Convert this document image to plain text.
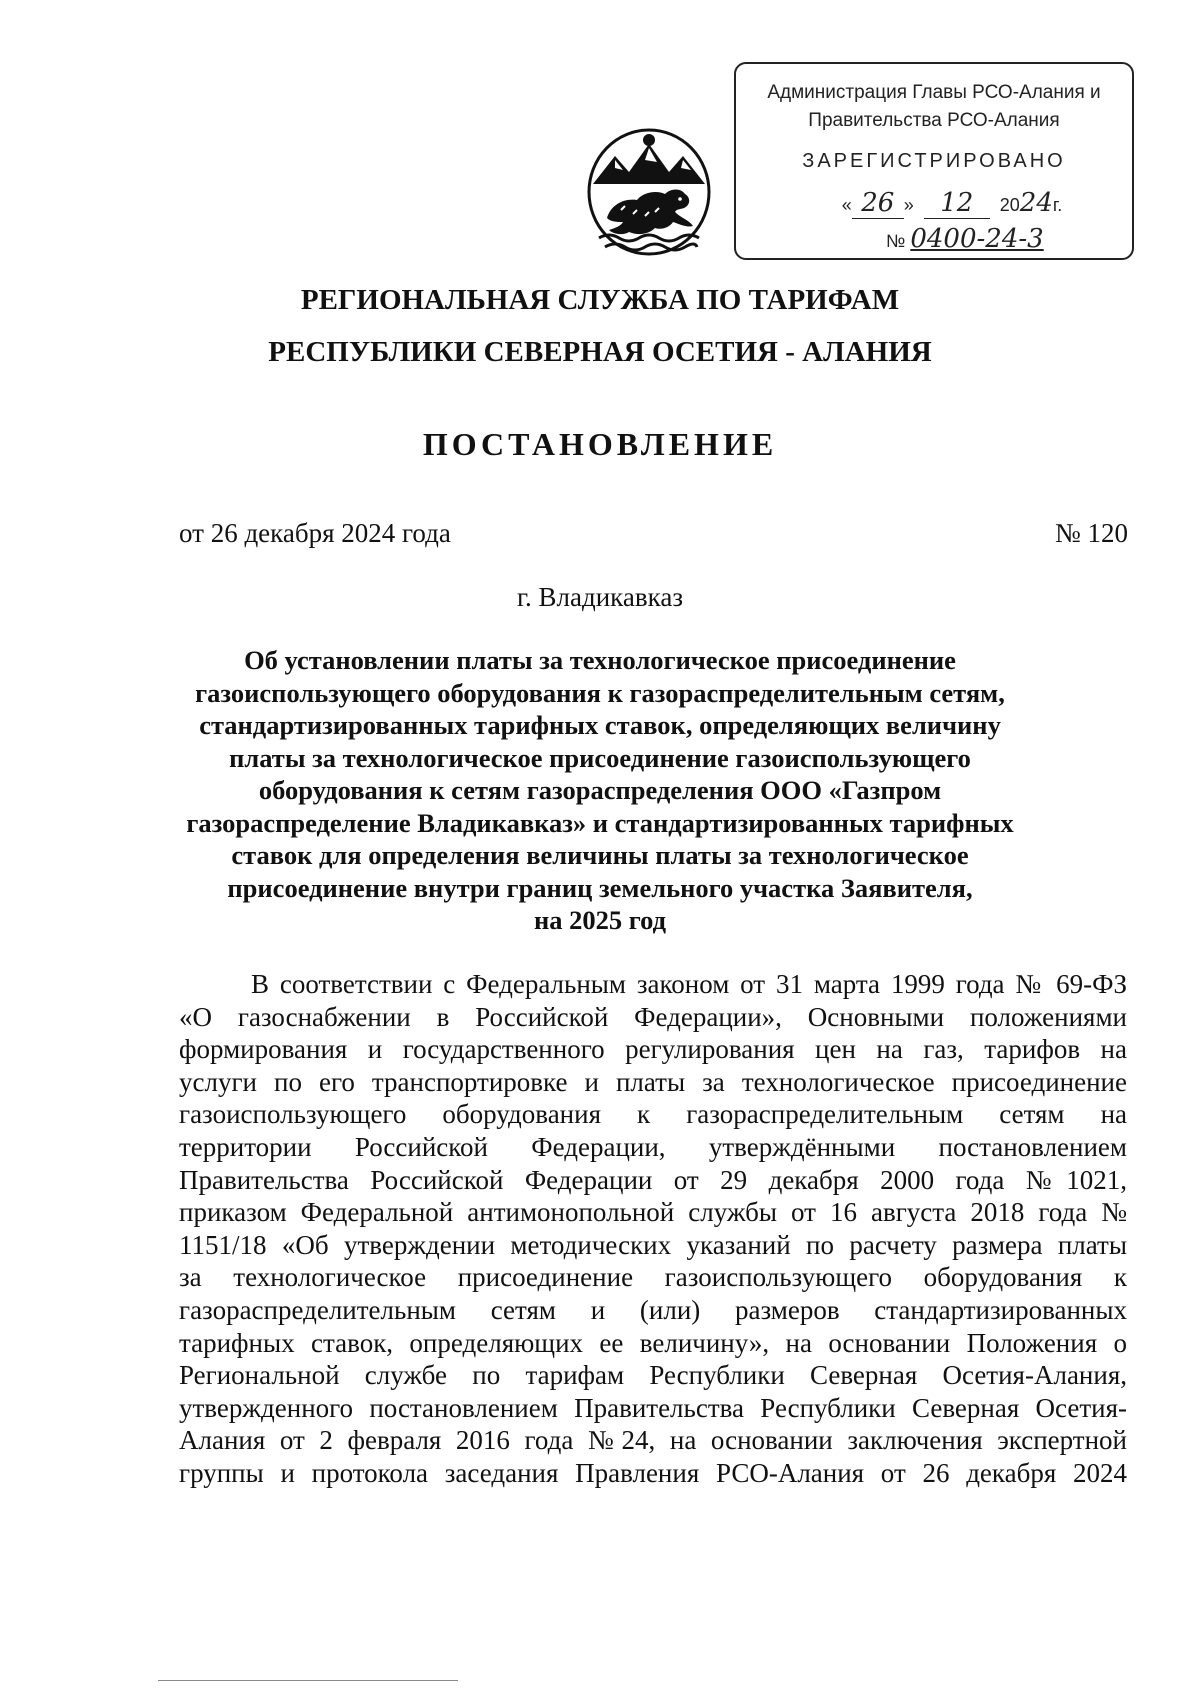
Администрация Главы РСО-Алания и
Правительства РСО-Алания
ЗАРЕГИСТРИРОВАНО
« 26 »  12 2024г.
№ 0400-24-3
РЕГИОНАЛЬНАЯ СЛУЖБА ПО ТАРИФАМ
РЕСПУБЛИКИ СЕВЕРНАЯ ОСЕТИЯ - АЛАНИЯ
ПОСТАНОВЛЕНИЕ
от 26 декабря 2024 года	№ 120
г. Владикавказ
Об установлении платы за технологическое присоединение
газоиспользующего оборудования к газораспределительным сетям,
стандартизированных тарифных ставок, определяющих величину
платы за технологическое присоединение газоиспользующего
оборудования к сетям газораспределения ООО «Газпром
газораспределение Владикавказ» и стандартизированных тарифных
ставок для определения величины платы за технологическое
присоединение внутри границ земельного участка Заявителя,
на 2025 год
В соответствии с Федеральным законом от 31 марта 1999 года № 69-ФЗ
«О газоснабжении в Российской Федерации», Основными положениями
формирования и государственного регулирования цен на газ, тарифов на
услуги по его транспортировке и платы за технологическое присоединение
газоиспользующего оборудования к газораспределительным сетям на
территории Российской Федерации, утверждёнными постановлением
Правительства Российской Федерации от 29 декабря 2000 года №1021,
приказом Федеральной антимонопольной службы от 16 августа 2018 года №
1151/18 «Об утверждении методических указаний по расчету размера платы
за технологическое присоединение газоиспользующего оборудования к
газораспределительным сетям и (или) размеров стандартизированных
тарифных ставок, определяющих ее величину», на основании Положения о
Региональной службе по тарифам Республики Северная Осетия-Алания,
утвержденного постановлением Правительства Республики Северная Осетия-
Алания от 2 февраля 2016 года №24, на основании заключения экспертной
группы и протокола заседания Правления РСО-Алания от 26 декабря 2024
